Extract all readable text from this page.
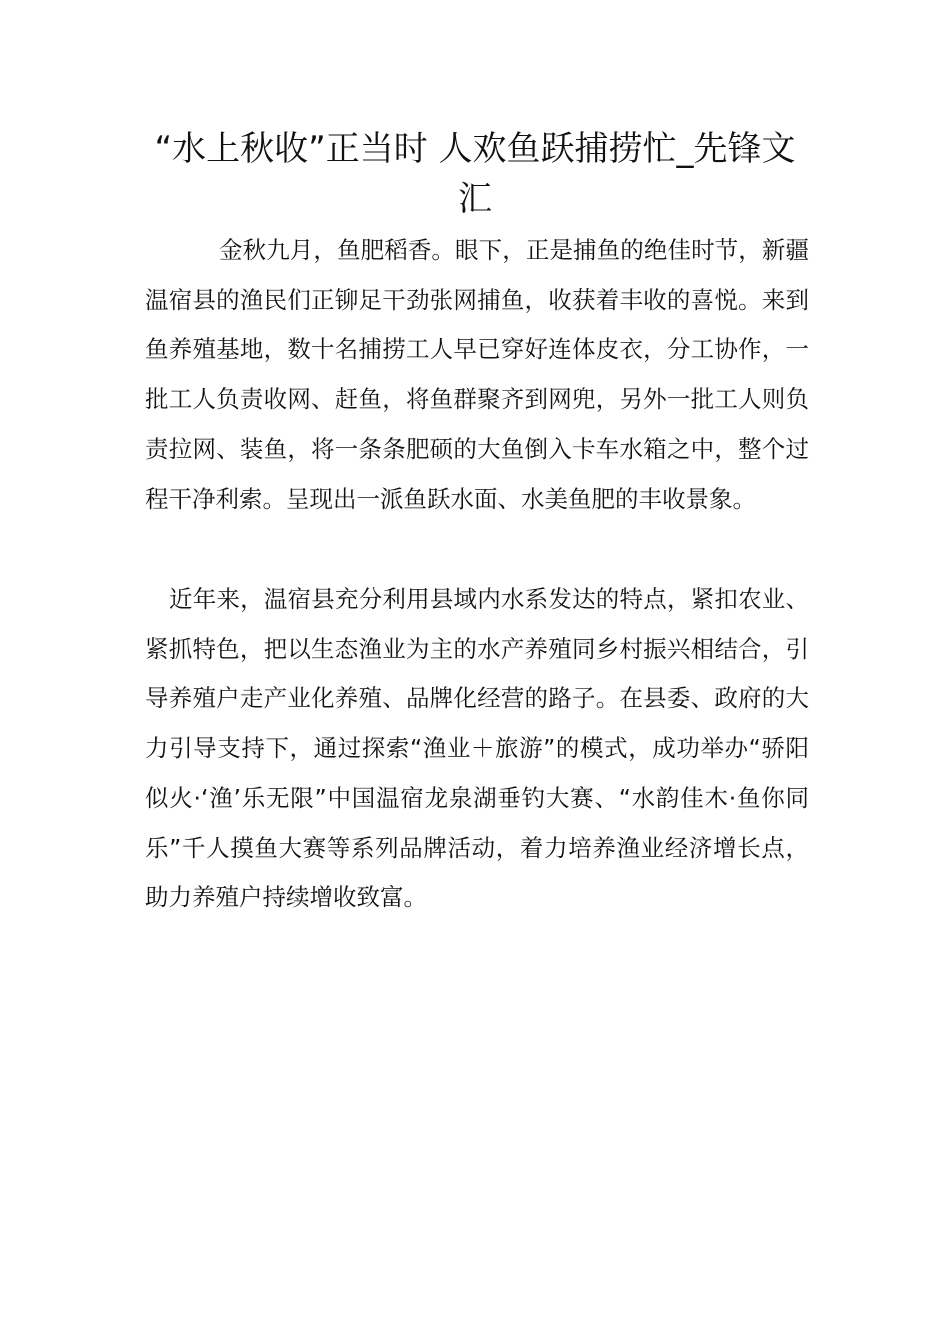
“水上秋收”正当时 人欢鱼跃捕捞忙_先锋文汇

金秋九月，鱼肥稻香。眼下，正是捕鱼的绝佳时节，新疆温宿县的渔民们正铆足干劲张网捕鱼，收获着丰收的喜悦。来到鱼养殖基地，数十名捕捞工人早已穿好连体皮衣，分工协作，一批工人负责收网、赶鱼，将鱼群聚齐到网兜，另外一批工人则负责拉网、装鱼，将一条条肥硕的大鱼倒入卡车水箱之中，整个过程干净利索。呈现出一派鱼跃水面、水美鱼肥的丰收景象。

近年来，温宿县充分利用县域内水系发达的特点，紧扣农业、紧抓特色，把以生态渔业为主的水产养殖同乡村振兴相结合，引导养殖户走产业化养殖、品牌化经营的路子。在县委、政府的大力引导支持下，通过探索“渔业＋旅游”的模式，成功举办“骄阳似火·‘渔’乐无限”中国温宿龙泉湖垂钓大赛、“水韵佳木·鱼你同乐”千人摸鱼大赛等系列品牌活动，着力培养渔业经济增长点，助力养殖户持续增收致富。
